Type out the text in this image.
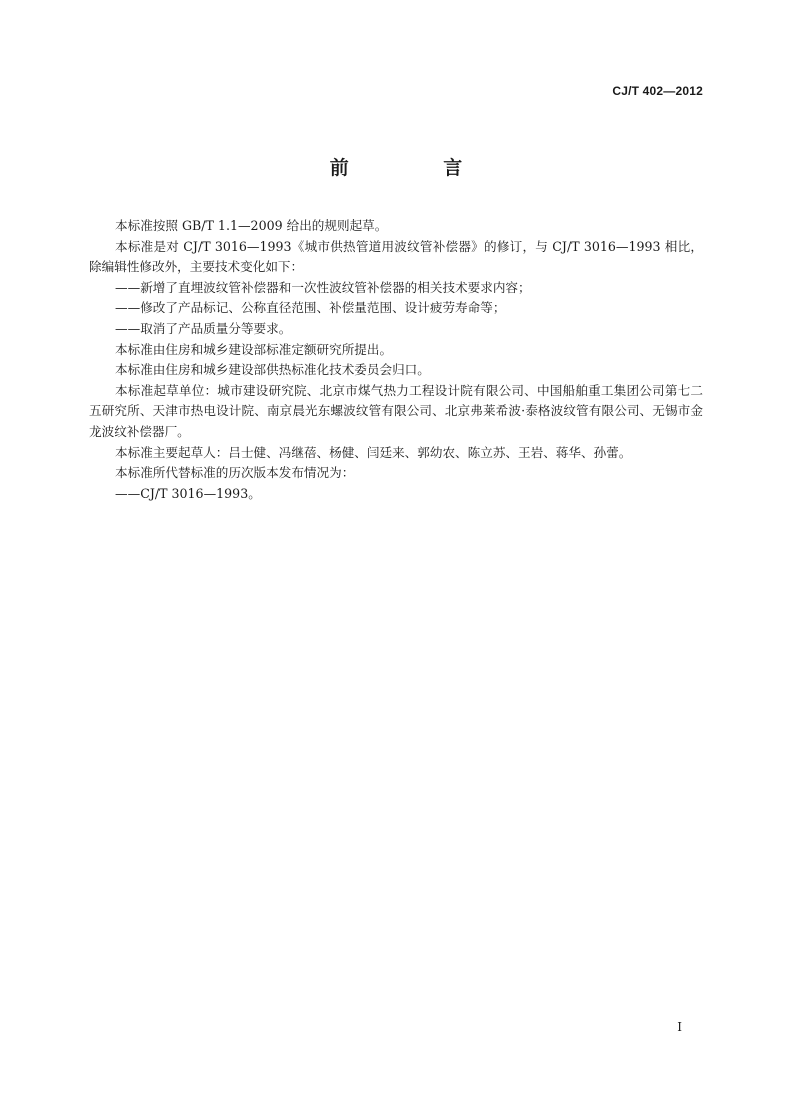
CJ/T 402—2012
前 言

本标准按照 GB/T 1.1—2009 给出的规则起草。

本标准是对 CJ/T 3016—1993《城市供热管道用波纹管补偿器》的修订，与 CJ/T 3016—1993 相比，除编辑性修改外，主要技术变化如下：

——新增了直埋波纹管补偿器和一次性波纹管补偿器的相关技术要求内容；

——修改了产品标记、公称直径范围、补偿量范围、设计疲劳寿命等；

——取消了产品质量分等要求。

本标准由住房和城乡建设部标准定额研究所提出。

本标准由住房和城乡建设部供热标准化技术委员会归口。

本标准起草单位：城市建设研究院、北京市煤气热力工程设计院有限公司、中国船舶重工集团公司第七二五研究所、天津市热电设计院、南京晨光东螺波纹管有限公司、北京弗莱希波·泰格波纹管有限公司、无锡市金龙波纹补偿器厂。

本标准主要起草人：吕士健、冯继蓓、杨健、闫廷来、郭幼农、陈立苏、王岩、蒋华、孙蕾。

本标准所代替标准的历次版本发布情况为：

——CJ/T 3016—1993。

I
